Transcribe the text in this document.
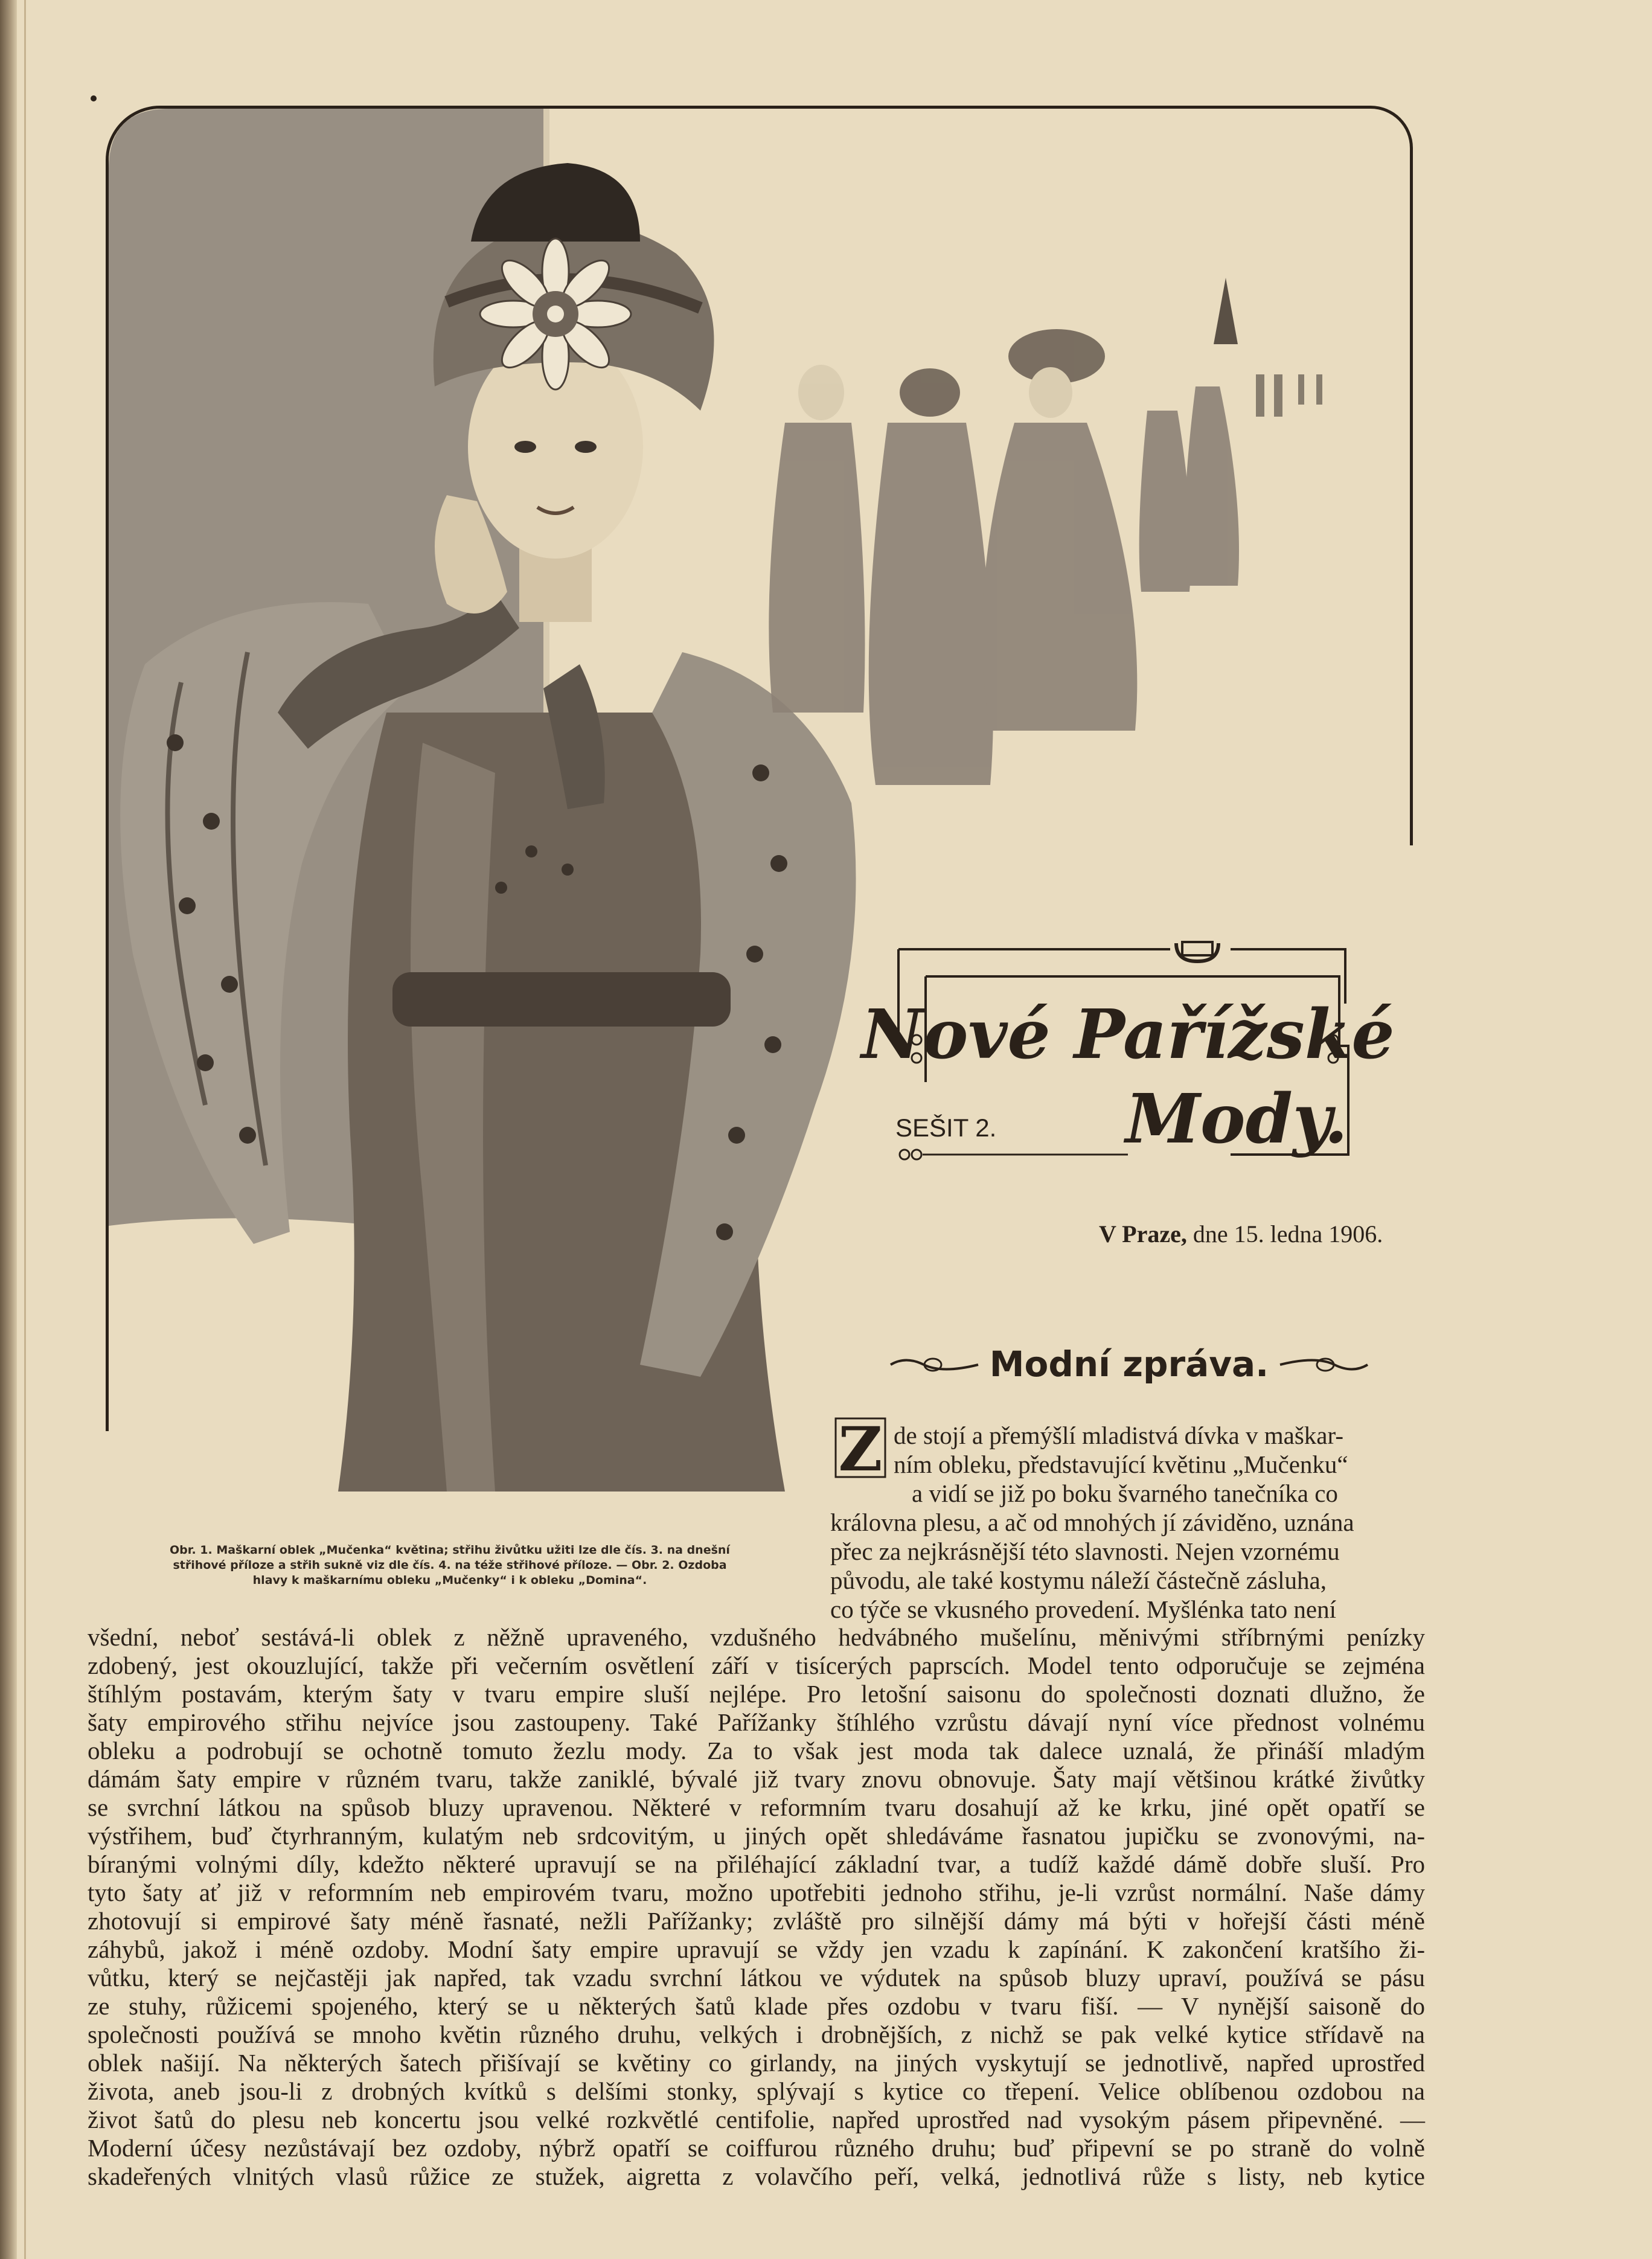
Nové Pařížské
Mody.
SEŠIT 2.
V Praze, dne 15. ledna 1906.
Modní zpráva.
Z
Obr. 1. Maškarní oblek „Mučenka“ květina; střihu živůtku užiti lze dle čís. 3. na dnešní
střihové příloze a střih sukně viz dle čís. 4. na téže střihové příloze. — Obr. 2. Ozdoba
hlavy k maškarnímu obleku „Mučenky“ i k obleku „Domina“.
de stojí a přemýšlí mladistvá dívka v maškar-
ním obleku, představující květinu „Mučenku“
a vidí se již po boku švarného tanečníka co
královna plesu, a ač od mnohých jí záviděno, uznána
přec za nejkrásnější této slavnosti. Nejen vzornému
původu, ale také kostymu náleží částečně zásluha,
co týče se vkusného provedení. Myšlénka tato není
všední, neboť sestává-li oblek z něžně upraveného, vzdušného hedvábného mušelínu, měnivými stříbrnými penízky
zdobený, jest okouzlující, takže při večerním osvětlení září v tisícerých paprscích. Model tento odporučuje se zejména
štíhlým postavám, kterým šaty v tvaru empire sluší nejlépe. Pro letošní saisonu do společnosti doznati dlužno, že
šaty empirového střihu nejvíce jsou zastoupeny. Také Pařížanky štíhlého vzrůstu dávají nyní více přednost volnému
obleku a podrobují se ochotně tomuto žezlu mody. Za to však jest moda tak dalece uznalá, že přináší mladým
dámám šaty empire v různém tvaru, takže zaniklé, bývalé již tvary znovu obnovuje. Šaty mají většinou krátké živůtky
se svrchní látkou na spůsob bluzy upravenou. Některé v reformním tvaru dosahují až ke krku, jiné opět opatří se
výstřihem, buď čtyrhranným, kulatým neb srdcovitým, u jiných opět shledáváme řasnatou jupičku se zvonovými, na-
bíranými volnými díly, kdežto některé upravují se na přiléhající základní tvar, a tudíž každé dámě dobře sluší. Pro
tyto šaty ať již v reformním neb empirovém tvaru, možno upotřebiti jednoho střihu, je-li vzrůst normální. Naše dámy
zhotovují si empirové šaty méně řasnaté, nežli Pařížanky; zvláště pro silnější dámy má býti v hořejší části méně
záhybů, jakož i méně ozdoby. Modní šaty empire upravují se vždy jen vzadu k zapínání. K zakončení kratšího ži-
vůtku, který se nejčastěji jak napřed, tak vzadu svrchní látkou ve výdutek na spůsob bluzy upraví, používá se pásu
ze stuhy, růžicemi spojeného, který se u některých šatů klade přes ozdobu v tvaru fiší. — V nynější saisoně do
společnosti používá se mnoho květin různého druhu, velkých i drobnějších, z nichž se pak velké kytice střídavě na
oblek našijí. Na některých šatech přišívají se květiny co girlandy, na jiných vyskytují se jednotlivě, napřed uprostřed
života, aneb jsou-li z drobných kvítků s delšími stonky, splývají s kytice co třepení. Velice oblíbenou ozdobou na
život šatů do plesu neb koncertu jsou velké rozkvětlé centifolie, napřed uprostřed nad vysokým pásem připevněné. —
Moderní účesy nezůstávají bez ozdoby, nýbrž opatří se coiffurou různého druhu; buď připevní se po straně do volně
skadeřených vlnitých vlasů růžice ze stužek, aigretta z volavčího peří, velká, jednotlivá růže s listy, neb kytice
